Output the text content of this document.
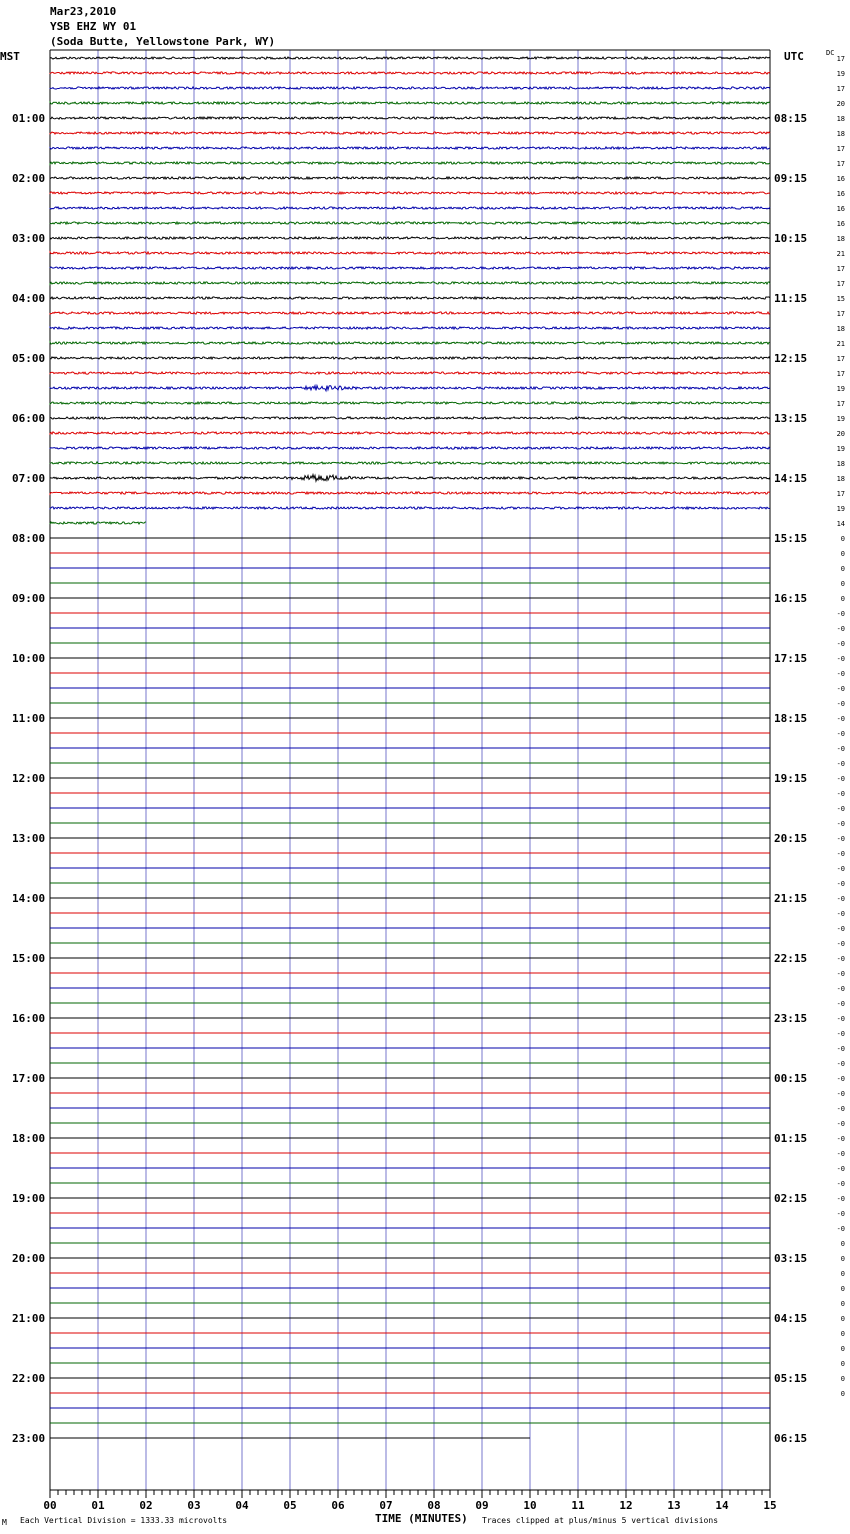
Mar23,2010
YSB EHZ WY 01
(Soda Butte, Yellowstone Park, WY)
MST	UTC
01:00
02:00
03:00
04:00
05:00
06:00
07:00
08:00
09:00
10:00
11:00
12:00
13:00
14:00
15:00
16:00
17:00
18:00
19:00
20:00
21:00
22:00
23:00
08:15
09:15
10:15
11:15
12:15
13:15
14:15
15:15
16:15
17:15
18:15
19:15
20:15
21:15
22:15
23:15
00:15
01:15
02:15
03:15
04:15
05:15
06:15
17
19
17
20
18
18
17
17
16
16
16
16
18
21
17
17
15
17
18
21
17
17
19
17
19
20
19
18
18
17
19
14
0
0
0
0
0
-0
-0
-0
-0
-0
-0
-0
-0
-0
-0
-0
-0
-0
-0
-0
-0
-0
-0
-0
-0
-0
-0
-0
-0
-0
-0
-0
-0
-0
-0
-0
-0
-0
-0
-0
-0
-0
-0
-0
-0
-0
-0
0
0
0
0
0
0
0
0
0
0
0
00	01	02	03	04	05	06	07	08	09	10	11	12	13	14	15
DC
M Each Vertical Division = 1333.33 microvolts	TIME (MINUTES) Traces clipped at plus/minus 5 vertical divisions
